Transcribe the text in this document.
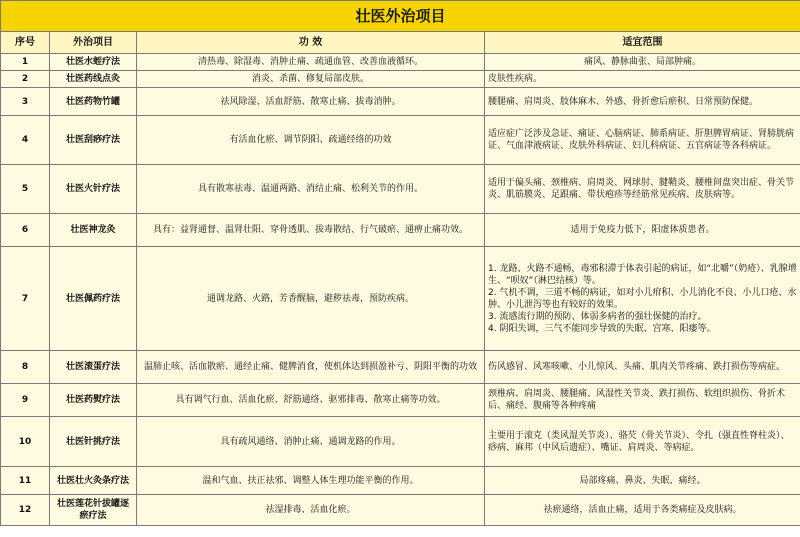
壮医外治项目			
序号	外治项目	功 效	适宜范围
1	壮医水蛭疗法	清热毒、除湿毒、消肿止痛、疏通血管、改善血液循环。	痛风、静脉曲张、局部肿痛。

2	壮医药线点灸	消炎、杀菌、修复局部皮肤。	皮肤性疾病。

3	壮医药物竹罐	祛风除湿、活血舒筋、散寒止痛、拔毒消肿。	腰腿痛、肩周炎、肢体麻木、外感、骨折愈后瘀积、日常预防保健。

4	壮医刮痧疗法	有活血化瘀、调节阴阳、疏通经络的功效	适应症广泛涉及急证、痛证、心脑病证、肺系病证、肝胆脾胃病证、肾膀胱病证、气血津液病证、皮肤外科病证、妇儿科病证、五官病证等各科病证。

5	壮医火针疗法	具有散寒祛毒、温通两路、消结止痛、松利关节的作用。	适用于偏头痛、颈椎病、肩周炎、网球肘、腱鞘炎、腰椎间盘突出症、骨关节炎、肌筋膜炎、足跟痛、带状疱疹等经筋常见疾病、皮肤病等。

6	壮医神龙灸	具有：益肾通督、温肾壮阳、穿骨透肌、拔毒散结、行气破瘀、通痹止痛功效。	适用于免疫力低下，阳虚体质患者。

7	壮医佩药疗法	通调龙路、火路，芳香醒脑，避秽祛毒，预防疾病。	1. 龙路、火路不通畅，毒邪积滞于体表引起的病证，如“北嚼”（奶疮）、乳腺增生、“呗奴”（淋巴结核）等。
2. 气机不调，三道不畅的病证，如对小儿疳积、小儿消化不良、小儿口疮、水肿、小儿泄泻等也有较好的效果。
3. 流感流行期的预防、体弱多病者的强壮保健的治疗。
4. 阴阳失调，三气不能同步导致的失眠、宫寒、阳痿等。

8	壮医滚蛋疗法	温肺止咳、活血散瘀、通经止痛、健脾消食，使机体达到损盈补亏、阴阳平衡的功效	伤风感冒、风寒咳嗽、小儿惊风、头痛、肌肉关节疼痛、跌打损伤等病症。

9	壮医药熨疗法	具有调气行血、活血化瘀、舒筋通络、驱邪排毒、散寒止痛等功效。	颈椎病、肩周炎、腰腿痛、风湿性关节炎、跌打损伤、软组织损伤、骨折术后、痛经、腹痛等各种疼痛

10	壮医针挑疗法	具有疏风通络、消肿止痛、通调龙路的作用。	主要用于滚克（类风湿关节炎）、骆芡（骨关节炎）、令扎（强直性脊柱炎）、痧病、麻邦（中风后遗症）、嘴证、肩周炎、等病症。

11	壮医壮火灸条疗法	温和气血、扶正祛邪、调整人体生理功能平衡的作用。	局部疼痛、鼻炎、失眠、痛经。

12	壮医莲花针拔罐逐瘀疗法	祛湿排毒、活血化瘀。	祛瘀通络，活血止痛，适用于各类痛症及皮肤病。
